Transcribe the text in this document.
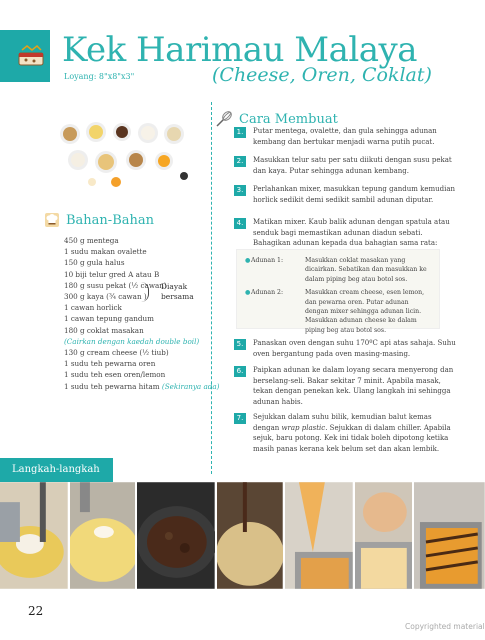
Kek Harimau Malaya
Loyang: 8"x8"x3"	(Cheese, Oren, Coklat)
Bahan-Bahan
450 g mentega
1 sudu makan ovalette
150 g gula halus
10 biji telur gred A atau B
180 g susu pekat (½ cawan)
300 g kaya (¾ cawan )
1 cawan horlick
1 cawan tepung gandum
180 g coklat masakan
(Cairkan dengan kaedah double boil)
130 g cream cheese (½ tiub)
1 sudu teh pewarna oren
1 sudu teh esen oren/lemon
1 sudu teh pewarna hitam (Sekiranya ada)
Diayak
bersama
Cara Membuat
1.	Putar mentega, ovalette, dan gula sehingga adunan kembang dan bertukar menjadi warna putih pucat.
2.	Masukkan telur satu per satu diikuti dengan susu pekat dan kaya. Putar sehingga adunan kembang.
3.	Perlahankan mixer, masukkan tepung gandum kemudian horlick sedikit demi sedikit sambil adunan diputar.
4.	Matikan mixer. Kaub balik adunan dengan spatula atau senduk bagi memastikan adunan diadun sebati. Bahagikan adunan kepada dua bahagian sama rata:
5.	Panaskan oven dengan suhu 170ºC api atas sahaja. Suhu oven bergantung pada oven masing-masing.
6.	Paipkan adunan ke dalam loyang secara menyerong dan berselang-seli. Bakar sekitar 7 minit. Apabila masak, tekan dengan penekan kek. Ulang langkah ini sehingga adunan habis.
7.	Sejukkan dalam suhu bilik, kemudian balut kemas dengan wrap plastic. Sejukkan di dalam chiller. Apabila sejuk, baru potong. Kek ini tidak boleh dipotong ketika masih panas kerana kek belum set dan akan lembik.
● Adunan 1:	Masukkan coklat masakan yang dicairkan. Sebatikan dan masukkan ke dalam piping beg atau botol sos.
● Adunan 2:	Masukkan cream cheese, esen lemon, dan pewarna oren. Putar adunan dengan mixer sehingga adunan licin. Masukkan adunan cheese ke dalam piping beg atau botol sos.
Langkah-langkah
22
Copyrighted material
